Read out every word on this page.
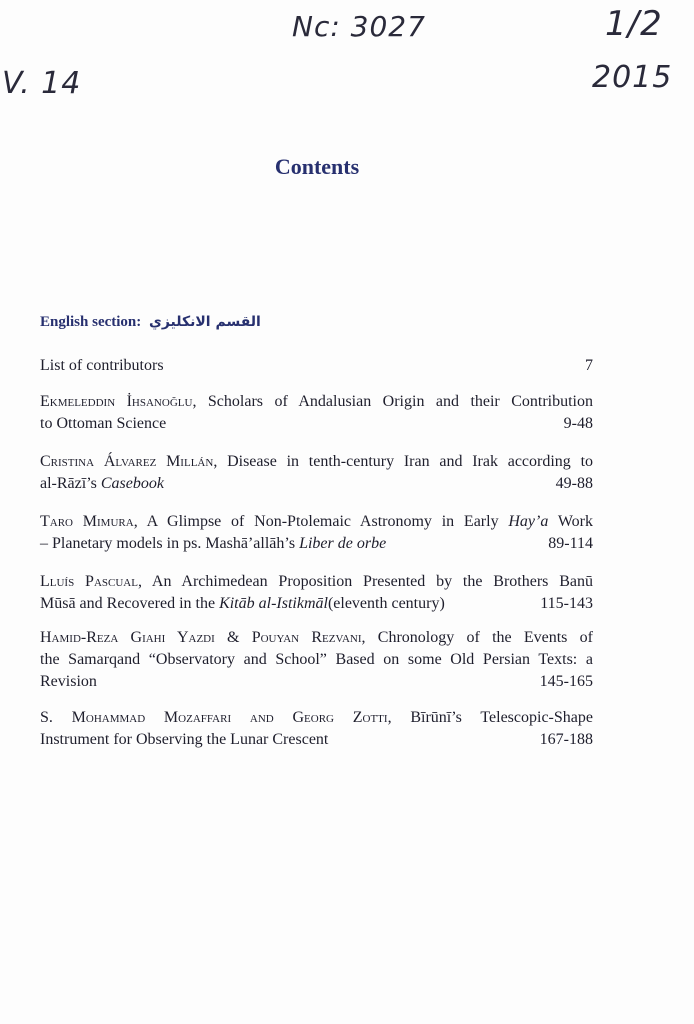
Nc: 3027	1/2
V. 14	2015
Contents
English section: القسم الانكليزي
List of contributors	7
Ekmeleddin İhsanoğlu, Scholars of Andalusian Origin and their Contribution
to Ottoman Science	9-48
Cristina Álvarez Millán, Disease in tenth-century Iran and Irak according to
al-Rāzī’s Casebook	49-88
Taro Mimura, A Glimpse of Non-Ptolemaic Astronomy in Early Hay’a Work
– Planetary models in ps. Mashā’allāh’s Liber de orbe	89-114
Lluís Pascual, An Archimedean Proposition Presented by the Brothers Banū
Mūsā and Recovered in the Kitāb al-Istikmāl(eleventh century)	115-143
Hamid-Reza Giahi Yazdi & Pouyan Rezvani, Chronology of the Events of
the Samarqand “Observatory and School” Based on some Old Persian Texts: a
Revision	145-165
S. Mohammad Mozaffari and Georg Zotti, Bīrūnī’s Telescopic-Shape
Instrument for Observing the Lunar Crescent	167-188
